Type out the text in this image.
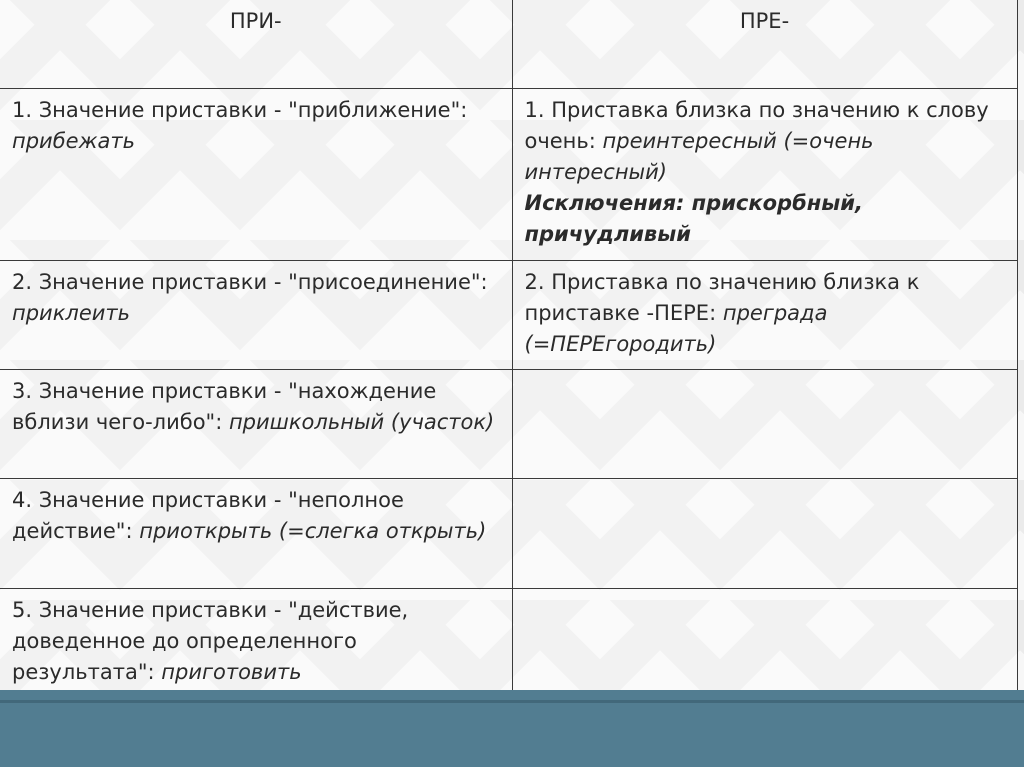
ПРИ-	ПРЕ-
1. Значение приставки - "приближение": прибежать	1. Приставка близка по значению к слову очень: преинтересный (=очень интересный)
Исключения: прискорбный, причудливый

2. Значение приставки - "присоединение": приклеить	2. Приставка по значению близка к приставке -ПЕРЕ: преграда (=ПЕРЕгородить)
3. Значение приставки - "нахождение вблизи чего-либо": пришкольный (участок)	
4. Значение приставки - "неполное действие": приоткрыть (=слегка открыть)	
5. Значение приставки - "действие, доведенное до определенного результата": приготовить	
